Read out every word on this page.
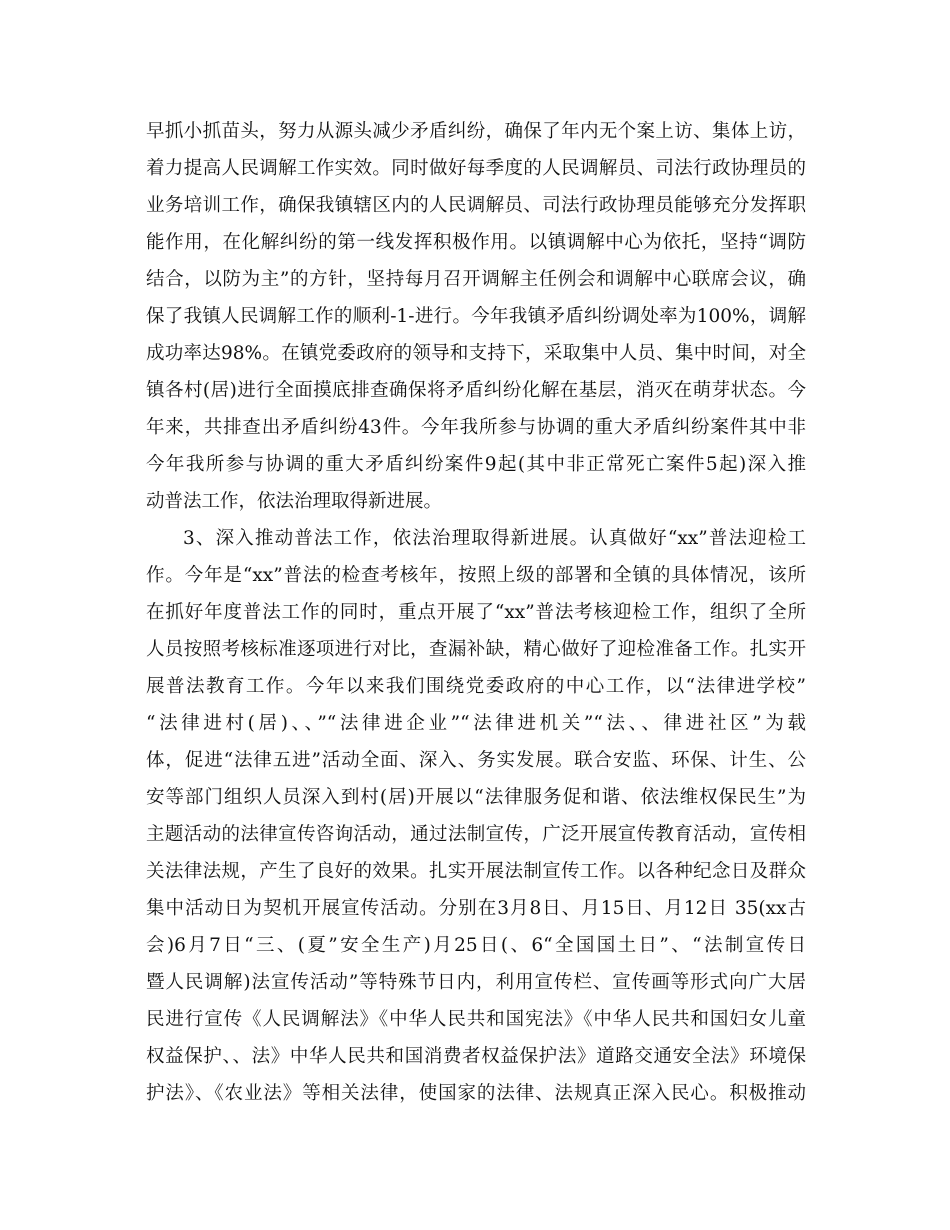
早抓小抓苗头，努力从源头减少矛盾纠纷，确保了年内无个案上访、集体上访，
着力提高人民调解工作实效。同时做好每季度的人民调解员、司法行政协理员的
业务培训工作，确保我镇辖区内的人民调解员、司法行政协理员能够充分发挥职
能作用，在化解纠纷的第一线发挥积极作用。以镇调解中心为依托，坚持“调防
结合，以防为主”的方针，坚持每月召开调解主任例会和调解中心联席会议，确
保了我镇人民调解工作的顺利-1-进行。今年我镇矛盾纠纷调处率为100%，调解
成功率达98%。在镇党委政府的领导和支持下，采取集中人员、集中时间，对全
镇各村(居)进行全面摸底排查确保将矛盾纠纷化解在基层，消灭在萌芽状态。今
年来，共排查出矛盾纠纷43件。今年我所参与协调的重大矛盾纠纷案件其中非
今年我所参与协调的重大矛盾纠纷案件9起(其中非正常死亡案件5起)深入推
动普法工作，依法治理取得新进展。
3、深入推动普法工作，依法治理取得新进展。认真做好“xx”普法迎检工
作。今年是“xx”普法的检查考核年，按照上级的部署和全镇的具体情况，该所
在抓好年度普法工作的同时，重点开展了“xx”普法考核迎检工作，组织了全所
人员按照考核标准逐项进行对比，查漏补缺，精心做好了迎检准备工作。扎实开
展普法教育工作。今年以来我们围绕党委政府的中心工作，以“法律进学校”
“法律进村(居)、、”“法律进企业”“法律进机关”“法、、律进社区”为载
体，促进“法律五进”活动全面、深入、务实发展。联合安监、环保、计生、公
安等部门组织人员深入到村(居)开展以“法律服务促和谐、依法维权保民生”为
主题活动的法律宣传咨询活动，通过法制宣传，广泛开展宣传教育活动，宣传相
关法律法规，产生了良好的效果。扎实开展法制宣传工作。以各种纪念日及群众
集中活动日为契机开展宣传活动。分别在3月8日、月15日、月12日 35(xx古
会)6月7日“三、(夏”安全生产)月25日(、6“全国国土日”、“法制宣传日
暨人民调解)法宣传活动”等特殊节日内，利用宣传栏、宣传画等形式向广大居
民进行宣传《人民调解法》《中华人民共和国宪法》《中华人民共和国妇女儿童
权益保护、、法》中华人民共和国消费者权益保护法》道路交通安全法》环境保
护法》、《农业法》等相关法律，使国家的法律、法规真正深入民心。积极推动
